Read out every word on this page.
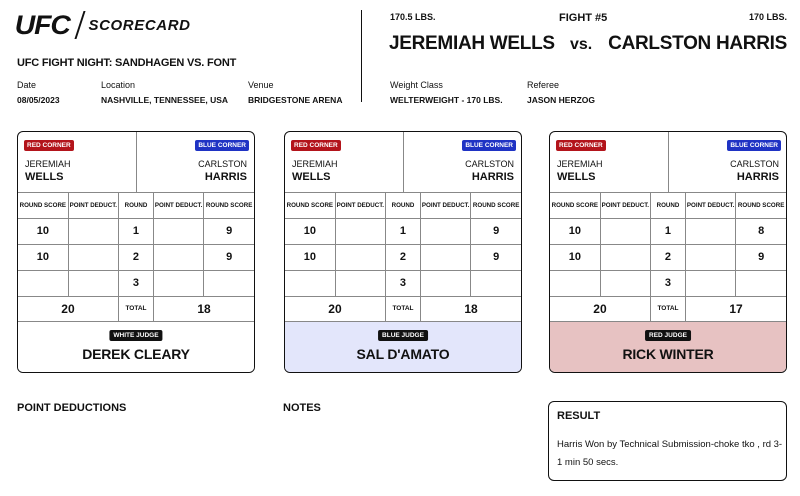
UFC SCORECARD
UFC FIGHT NIGHT: SANDHAGEN VS. FONT
Date
08/05/2023
Location
NASHVILLE, TENNESSEE, USA
Venue
BRIDGESTONE ARENA
170.5 LBS.	FIGHT #5	170 LBS.
JEREMIAH WELLS vs. CARLSTON HARRIS
Weight Class
WELTERWEIGHT - 170 LBS.
Referee
JASON HERZOG
RED CORNER	BLUE CORNER
JEREMIAH
WELLS
CARLSTON
HARRIS
ROUND SCORE	POINT DEDUCT.	ROUND	POINT DEDUCT.	ROUND SCORE
10		1		9
10		2		9
		3		
20		TOTAL	18	
WHITE JUDGE
DEREK CLEARY
RED CORNER	BLUE CORNER
JEREMIAH
WELLS
CARLSTON
HARRIS
ROUND SCORE	POINT DEDUCT.	ROUND	POINT DEDUCT.	ROUND SCORE
10		1		9
10		2		9
		3		
20		TOTAL	18	
BLUE JUDGE
SAL D'AMATO
RED CORNER	BLUE CORNER
JEREMIAH
WELLS
CARLSTON
HARRIS
ROUND SCORE	POINT DEDUCT.	ROUND	POINT DEDUCT.	ROUND SCORE
10		1		8
10		2		9
		3		
20		TOTAL	17	
RED JUDGE
RICK WINTER
POINT DEDUCTIONS	NOTES
RESULT
Harris Won by Technical Submission-choke tko , rd 3- 1 min 50 secs.
